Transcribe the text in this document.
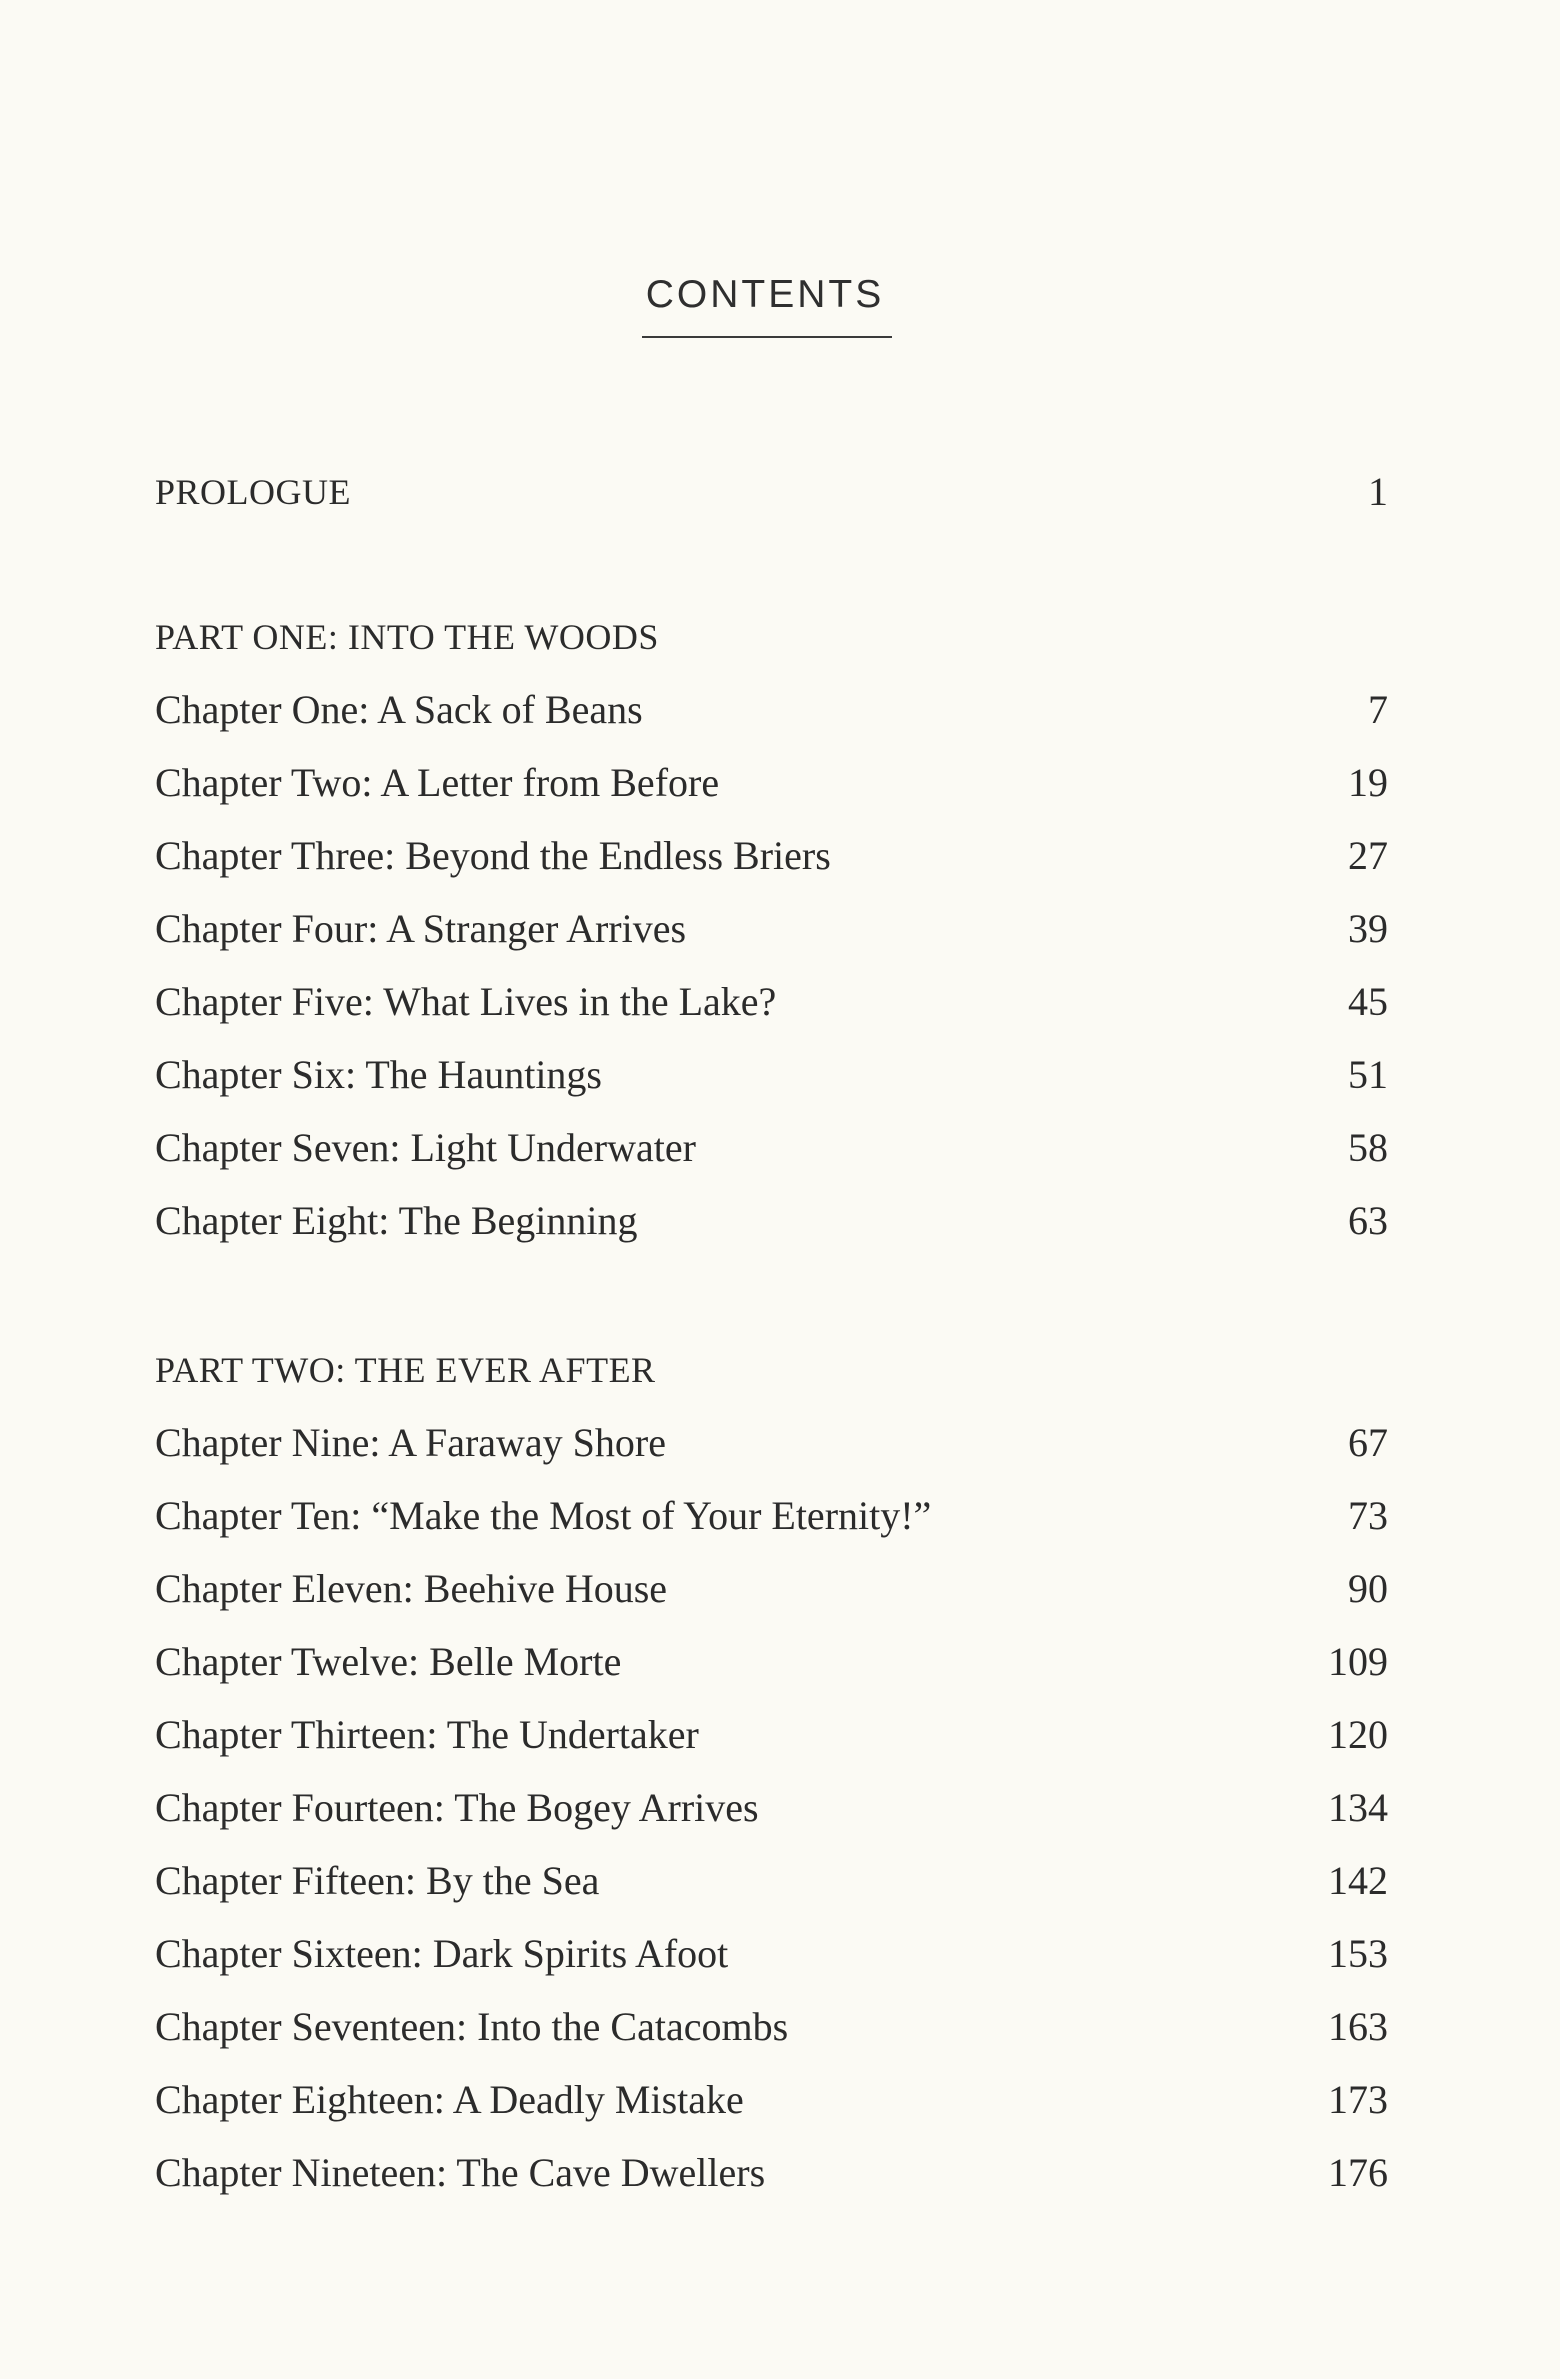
CONTENTS
PROLOGUE	1
PART ONE: INTO THE WOODS
Chapter One: A Sack of Beans	7
Chapter Two: A Letter from Before	19
Chapter Three: Beyond the Endless Briers	27
Chapter Four: A Stranger Arrives	39
Chapter Five: What Lives in the Lake?	45
Chapter Six: The Hauntings	51
Chapter Seven: Light Underwater	58
Chapter Eight: The Beginning	63
PART TWO: THE EVER AFTER
Chapter Nine: A Faraway Shore	67
Chapter Ten: “Make the Most of Your Eternity!”	73
Chapter Eleven: Beehive House	90
Chapter Twelve: Belle Morte	109
Chapter Thirteen: The Undertaker	120
Chapter Fourteen: The Bogey Arrives	134
Chapter Fifteen: By the Sea	142
Chapter Sixteen: Dark Spirits Afoot	153
Chapter Seventeen: Into the Catacombs	163
Chapter Eighteen: A Deadly Mistake	173
Chapter Nineteen: The Cave Dwellers	176
